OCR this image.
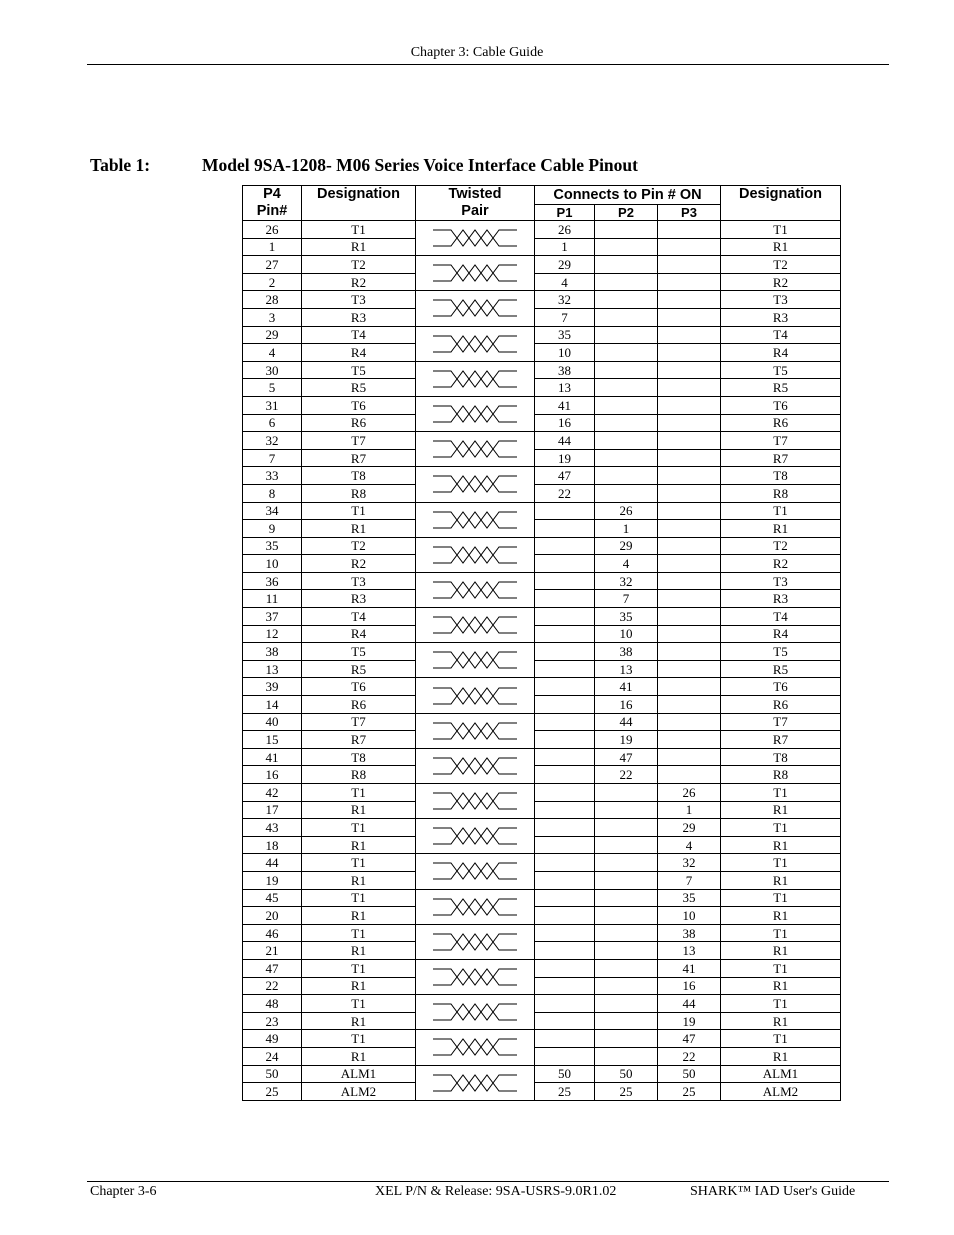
Chapter 3: Cable Guide
Table 1:	Model 9SA-1208- M06 Series Voice Interface Cable Pinout
P4
Pin#	Designation	Twisted
Pair	Connects to Pin # ON			Designation
			P1	P2	P3	
26	T1		26			T1
1	R1		1			R1
27	T2		29			T2
2	R2		4			R2
28	T3		32			T3
3	R3		7			R3
29	T4		35			T4
4	R4		10			R4
30	T5		38			T5
5	R5		13			R5
31	T6		41			T6
6	R6		16			R6
32	T7		44			T7
7	R7		19			R7
33	T8		47			T8
8	R8		22			R8
34	T1			26		T1
9	R1			1		R1
35	T2			29		T2
10	R2			4		R2
36	T3			32		T3
11	R3			7		R3
37	T4			35		T4
12	R4			10		R4
38	T5			38		T5
13	R5			13		R5
39	T6			41		T6
14	R6			16		R6
40	T7			44		T7
15	R7			19		R7
41	T8			47		T8
16	R8			22		R8
42	T1				26	T1
17	R1				1	R1
43	T1				29	T1
18	R1				4	R1
44	T1				32	T1
19	R1				7	R1
45	T1				35	T1
20	R1				10	R1
46	T1				38	T1
21	R1				13	R1
47	T1				41	T1
22	R1				16	R1
48	T1				44	T1
23	R1				19	R1
49	T1				47	T1
24	R1				22	R1
50	ALM1		50	50	50	ALM1
25	ALM2		25	25	25	ALM2
Chapter 3-6	XEL P/N & Release: 9SA-USRS-9.0R1.02	SHARK™ IAD User's Guide
